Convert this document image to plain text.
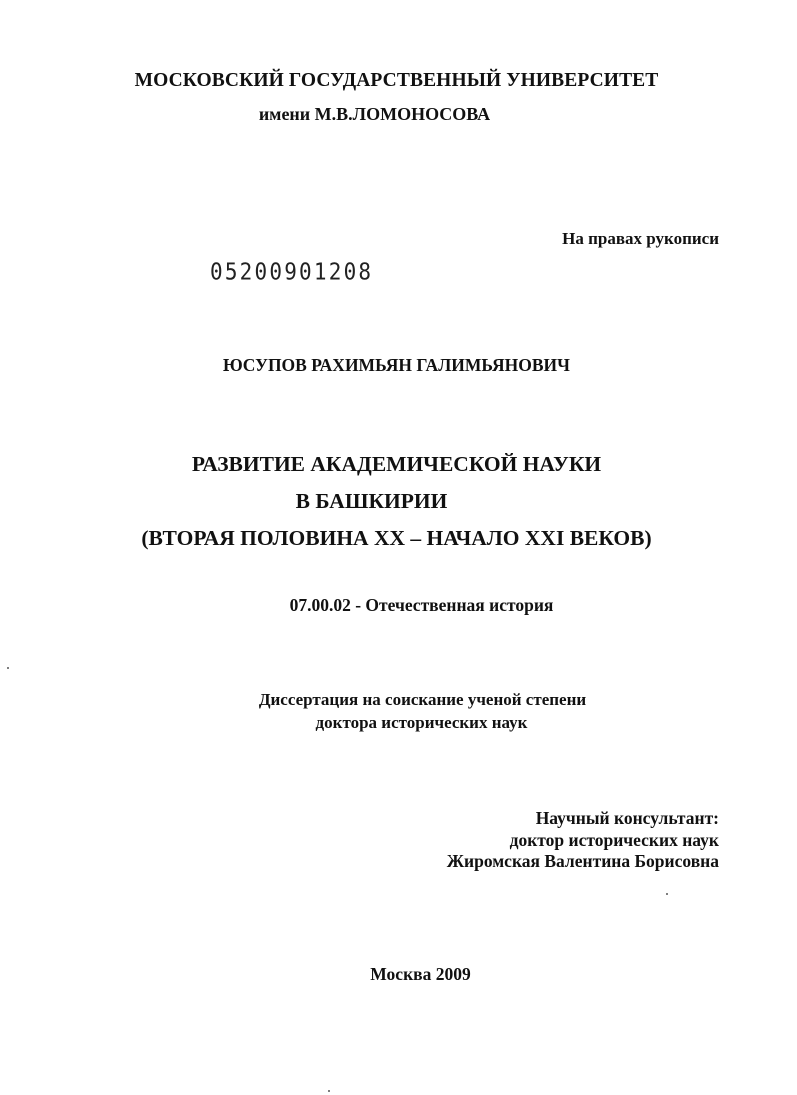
МОСКОВСКИЙ ГОСУДАРСТВЕННЫЙ УНИВЕРСИТЕТ
имени М.В.ЛОМОНОСОВА
На правах рукописи
05200901208
ЮСУПОВ РАХИМЬЯН ГАЛИМЬЯНОВИЧ
РАЗВИТИЕ АКАДЕМИЧЕСКОЙ НАУКИ
В БАШКИРИИ
(ВТОРАЯ ПОЛОВИНА XX – НАЧАЛО XXI ВЕКОВ)
07.00.02 - Отечественная история
Диссертация на соискание ученой степени
доктора исторических наук
Научный консультант:
доктор исторических наук
Жиромская Валентина Борисовна
Москва 2009
